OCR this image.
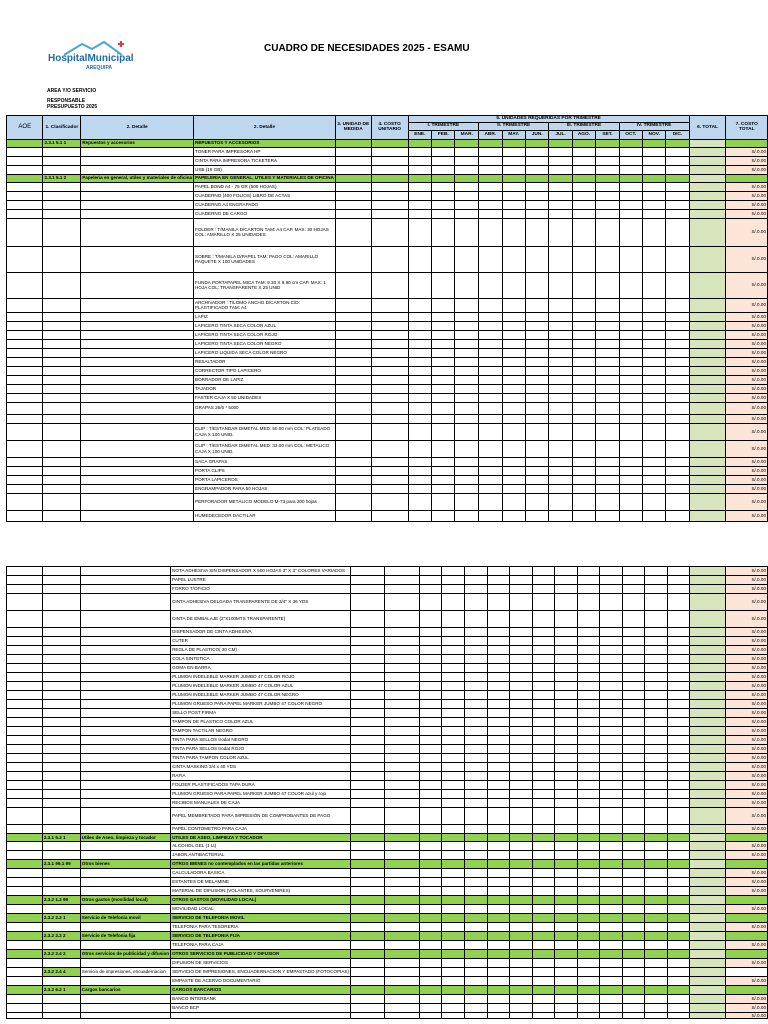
HospitalMunicipal
AREQUIPA
CUADRO DE NECESIDADES 2025 - ESAMU
AREA Y/O SERVICIO
RESPONSABLE
PRESUPUESTO 2025
AOE	1. Clasificador	2. Detalle	2. Detalle	3. UNIDAD DE MEDIDA	4. COSTO UNITARIO	5. UNIDADES REQUERIDAS POR TRIMESTRE												6. TOTAL	7. COSTO TOTAL
						I. TRIMESTRE			II. TRIMESTRE			III. TRIMESTRE			IV. TRIMESTRE				
						ENE.	FEB.	MAR.	ABR.	MAY.	JUN.	JUL.	AGO.	SET.	OCT.	NOV.	DIC.		
	2.3.1 5.1 1	Repuestos y accesorios	REPUESTOS Y ACCESORIOS																
			TONER PARA IMPRESORA HP																S/.0.00
			CINTA PARA IMPRESORA TICKETERA																S/.0.00
			USB (16 GB)																S/.0.00
	2.3.1 5.1 2	Papeleria en general, utiles y materiales de oficina	PAPELERIA EN GENERAL, UTILES Y MATERIALES DE OFICINA																
			PAPEL BOND A4 - 75 GR (500 HOJAS)																S/.0.00
			CUADERNO (400 FOLIOS) LIBRO DE ACTAS																S/.0.00
			CUADERNO A4 ENGRAPADO																S/.0.00
			CUADERNO DE CARGO																S/.0.00
			FOLDER : T/MANILA D/CARTON TAM: A4 CAP. MAX: 30 HOJAS COL: AMARILLO X 25 UNIDADES																S/.0.00
			SOBRE : T/MANILA D/PAPEL TAM: PAGO COL: AMARILLO PAQUETE X 100 UNIDADES																S/.0.00
			FUNDA PORTAPAPEL MICA TAM: 9.30 X 9.90 cm CAP. MAX: 1 HOJA COL: TRANSPARENTE X 25 UNID																S/.0.00
			ARCHIVADOR : T/LOMO ANCHO D/CARTON C/D: PLASTIFICADO TAM: A4																S/.0.00
			LAPIZ																S/.0.00
			LAPICERO TINTA SECA COLOR AZUL																S/.0.00
			LAPICERO TINTA SECA COLOR ROJO																S/.0.00
			LAPICERO TINTA SECA COLOR NEGRO																S/.0.00
			LAPICERO LIQUIDA SECA COLOR NEGRO																S/.0.00
			RESALTADOR																S/.0.00
			CORRECTOR TIPO LAPICERO																S/.0.00
			BORRADOR DE LAPIZ																S/.0.00
			TAJADOR																S/.0.00
			FASTER CAJA X 50 UNIDADES																S/.0.00
			GRAPAS 26/6 * 5000																S/.0.00
																			S/.0.00
			CLIP : T/ESTANDAR DIMETAL MED: 50.00 mm COL: PLATEADO CAJA X 100 UNID.																S/.0.00
			CLIP : T/ESTANDAR DIMETAL MED: 33.00 mm COL: METALICO CAJA X 100 UNID.																S/.0.00
			SACA GRAPAS																S/.0.00
			PORTA CLIPS																S/.0.00
			PORTA LAPICEROS																S/.0.00
			ENGRAMPADOR PARA 50 HOJAS																S/.0.00
			PERFORADOR METÁLICO MODELO M-73 para 200 hojas																S/.0.00
			HUMEDECEDOR DACTILAR																S/.0.00
			NOTA ADHESIVA SIN DISPENSADOR X 500 HOJAS 3" X 3" COLORES VARIADOS																S/.0.00
			PAPEL LUSTRE																S/.0.00
			FORRO T/OFICIO																S/.0.00
			CINTA ADHESIVA DELGADA TRANSPARENTE DE 3/4" X 36 YDS																S/.0.00
			CINTA DE EMBALAJE (2"X100MTS TRANSPARENTE)																S/.0.00
			DISPENSADOR DE CINTA ADHESIVA																S/.0.00
			CUTER																S/.0.00
			REGLA DE PLASTICO( 30 CM)																S/.0.00
			COLA SINTETICA																S/.0.00
			GOMA EN BARRA																S/.0.00
			PLUMON INDELEBLE MARKER JUMBO 47 COLOR ROJO																S/.0.00
			PLUMON INDELEBLE MARKER JUMBO 47 COLOR AZUL																S/.0.00
			PLUMON INDELEBLE MARKER JUMBO 47 COLOR NEGRO																S/.0.00
			PLUMON GRUESO PARA PAPEL MARKER JUMBO 47 COLOR NEGRO																S/.0.00
			SELLO POST FIRMA																S/.0.00
			TAMPON DE PLASTICO COLOR AZUL																S/.0.00
			TAMPON TACTILAR NEGRO																S/.0.00
			TINTA PARA SELLOS trodat NEGRO																S/.0.00
			TINTA PARA SELLOS trodat ROJO																S/.0.00
			TINTA PARA TAMPON COLOR AZUL																S/.0.00
			CINTA MASKING 3/4 x 40 YDS																S/.0.00
			RAFIA																S/.0.00
			FOLDER PLASTIFICADOS TAPA DURA																S/.0.00
			PLUMON GRUESO PARA PAPEL MARKER JUMBO 47 COLOR azul y rojo																S/.0.00
			RECIBOS MANUALES DE CAJA																S/.0.00
			PAPEL MEMBRETADO PARA IMPRESIÓN DE COMPROBANTES DE PAGO																S/.0.00
			PAPEL CONTOMETRO PARA CAJA																S/.0.00
	2.3.1 5.3 1	Utiles de Aseo, limpieza y tocador	UTILES DE ASEO, LIMPIEZA Y TOCADOR																
			ALCOHOL GEL (1 Lt)																S/.0.00
			JABON ANTIBACTERIAL																S/.0.00
	2.3.1 99.1 99	Otros bienes	OTROS BIENES no contemplados en las partidas anteriores																
			CALCULADORA BASICA																S/.0.00
			ESTANTES DE MELAMINE																S/.0.00
			MATERIAL DE DIFUSION (VOLANTES, SOURVENIRES)																S/.0.00
	2.3.2 1.2 99	Otros gastos (movilidad local)	OTROS GASTOS (MOVILIDAD LOCAL)																
			MOVILIDAD LOCAL																S/.0.00
	2.3.2 2.2 1	Servicio de Telefonia movil	SERVICIO DE TELEFONIA MOVIL																
			TELEFONIA PARA TESORERIA																S/.0.00
	2.3.2 2.2 2	Servicio de Telefonia fija	SERVICIO DE TELEFONIA FIJA																
			TELEFONIA PARA CAJA																S/.0.00
	2.3.2 2.4 2	Otros servicios de publicidad y difusion	OTROS SERVICIOS DE PUBLICIDAD Y DIFUSION																
			DIFUSION DE SERVICIOS																S/.0.00
	2.3.2 2.4 4	Servicio de impresiones, encuadernacion	SERVICIO DE IMPRESIONES, ENCUADERNACION Y EMPASTADO (FOTOCOPIAS)																
			EMPASTE DE ACERVO DOCUMENTARIO																S/.0.00
	2.3.2 6.2 1	Cargos bancarios	CARGOS BANCARIOS																
			BANCO INTERBANK																S/.0.00
			BANCO BCP																S/.0.00
																			S/.0.00
